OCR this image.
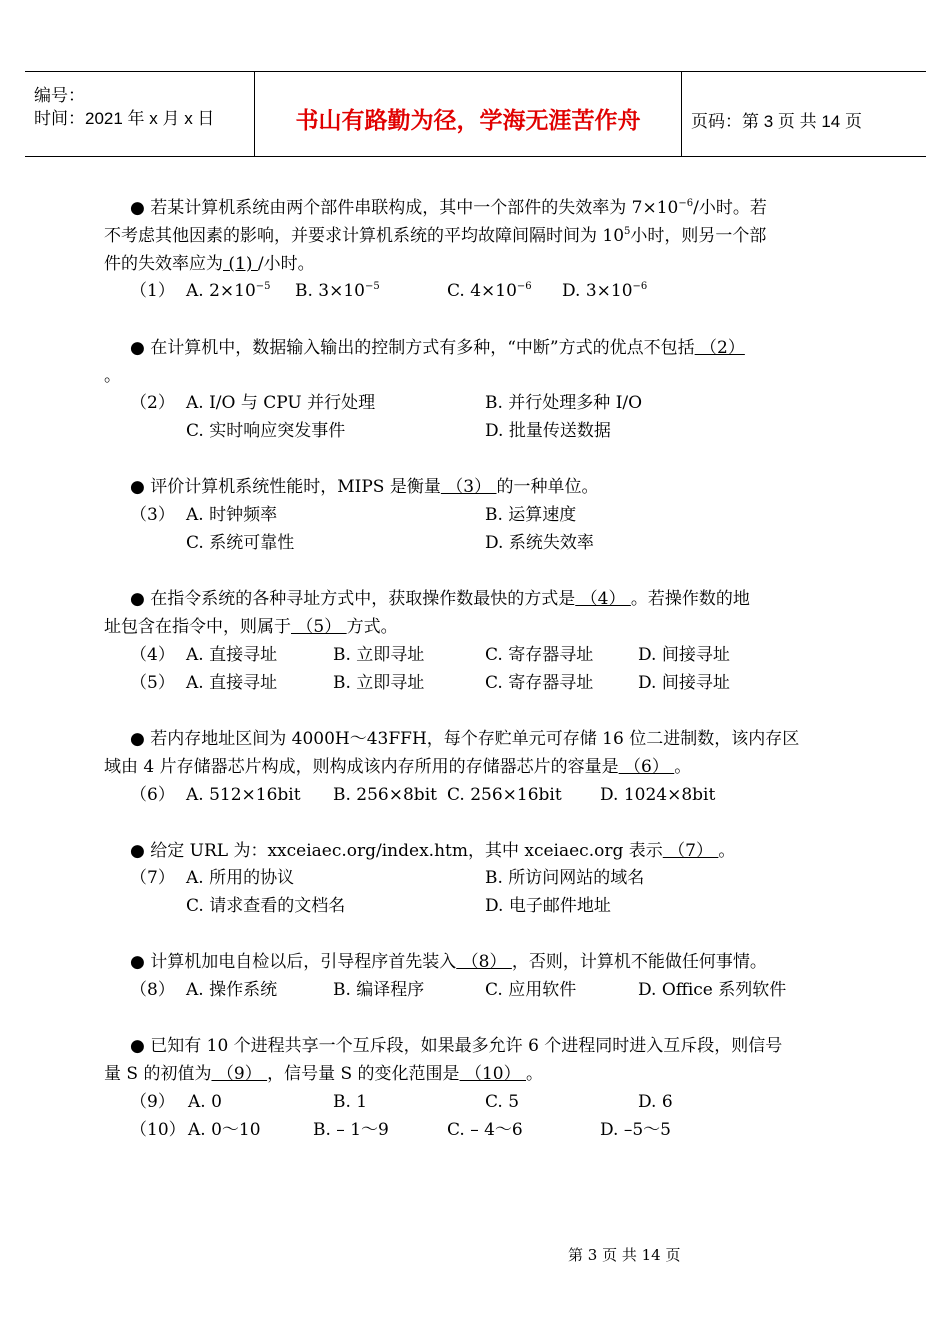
编号：
时间：2021 年 x 月 x 日	书山有路勤为径，学海无涯苦作舟	页码：第 3 页 共 14 页
● 若某计算机系统由两个部件串联构成，其中一个部件的失效率为 $7\times 10^{-6}/$小时。若
不考虑其他因素的影响，并要求计算机系统的平均故障间隔时间为 $10^5$小时，则另一个部
件的失效率应为 (1) /小时。
（1） A. $2\times 10^{-5}$ B. $3\times 10^{-5}$	C. $4\times 10^{-6}$ D. $3\times 10^{-6}$
● 在计算机中，数据输入输出的控制方式有多种，“中断”方式的优点不包括 （2）
。
（2） A. I/O 与 CPU 并行处理	B. 并行处理多种 I/O
C. 实时响应突发事件	D. 批量传送数据
● 评价计算机系统性能时，MIPS 是衡量 （3） 的一种单位。
（3） A. 时钟频率	B. 运算速度
C. 系统可靠性	D. 系统失效率
● 在指令系统的各种寻址方式中，获取操作数最快的方式是 （4） 。若操作数的地
址包含在指令中，则属于 （5） 方式。
（4） A. 直接寻址	B. 立即寻址	C. 寄存器寻址	D. 间接寻址
（5） A. 直接寻址	B. 立即寻址	C. 寄存器寻址	D. 间接寻址
● 若内存地址区间为 4000H～43FFH，每个存贮单元可存储 16 位二进制数，该内存区
域由 4 片存储器芯片构成，则构成该内存所用的存储器芯片的容量是 （6） 。
（6） A. 512×16bit B. 256×8bit C. 256×16bit D. 1024×8bit
● 给定 URL 为：xxceiaec.org/index.htm，其中 xceiaec.org 表示 （7） 。
（7） A. 所用的协议	B. 所访问网站的域名
C. 请求查看的文档名	D. 电子邮件地址
● 计算机加电自检以后，引导程序首先装入 （8） ，否则，计算机不能做任何事情。
（8） A. 操作系统	B. 编译程序	C. 应用软件	D. Office 系列软件
● 已知有 10 个进程共享一个互斥段，如果最多允许 6 个进程同时进入互斥段，则信号
量 S 的初值为 （9） ，信号量 S 的变化范围是 （10） 。
（9） A. 0	B. 1	C. 5	D. 6
（10） A. 0～10	B. – 1～9	C. – 4～6	D. –5～5
第 3 页 共 14 页
